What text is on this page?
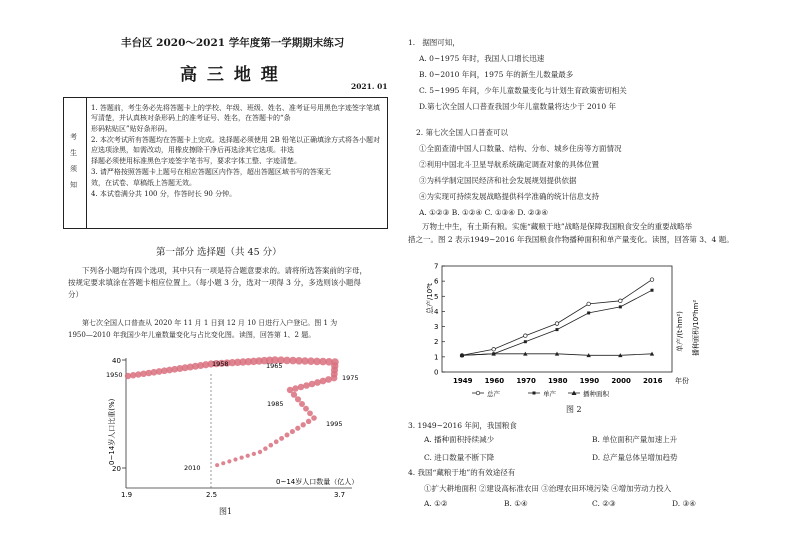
丰台区 2020～2021 学年度第一学期期末练习
高 三 地 理
2021. 01
考
生
须
知
1. 答题前，考生务必先将答题卡上的学校、年级、班级、姓名、准考证号用黑色字迹签字笔填写清楚，并认真核对条形码上的准考证号、姓名，在答题卡的“条
形码粘贴区”贴好条形码。
2. 本次考试所有答题均在答题卡上完成。选择题必须使用 2B 铅笔以正确填涂方式将各小题对应选项涂黑，如需改动，用橡皮擦除干净后再选涂其它选项。非选
择题必须使用标准黑色字迹签字笔书写，要求字体工整、字迹清楚。
3. 请严格按照答题卡上题号在相应答题区内作答，超出答题区域书写的答案无
效，在试卷、草稿纸上答题无效。
4. 本试卷满分共 100 分，作答时长 90 分钟。
第一部分 选择题（共 45 分）
下列各小题均有四个选项，其中只有一项是符合题意要求的。请将所选答案前的字母，
按规定要求填涂在答题卡相应位置上。（每小题 3 分，选对一项得 3 分，多选则该小题得
分）
第七次全国人口普查从 2020 年 11 月 1 日到 12 月 10 日进行入户登记。图 1 为
1950—2010 年我国少年儿童数量变化与占比变化图。读图，回答第 1、2 题。
40
20
0~14岁人口比重(%)
1.9	2.5	3.7
0~14岁人口数量（亿人）
1950
1958	1965
1975
1985
1995
2010
图1
1. 据图可知，
A. 0~1975 年时，我国人口增长迅速
B. 0~2010 年间，1975 年的新生儿数量最多
C. 5~1995 年间，少年儿童数量变化与计划生育政策密切相关
D.第七次全国人口普查我国少年儿童数量将达少于 2010 年
2. 第七次全国人口普查可以
①全面查清中国人口数量、结构、分布、城乡住房等方面情况
②利用中国北斗卫星导航系统确定调查对象的具体位置
③为科学制定国民经济和社会发展规划提供依据
④为实现可持续发展战略提供科学准确的统计信息支持
A. ①②③ B. ①②④ C. ①③④ D. ②③④
万物土中生，有土斯有粮。实施“藏粮于地”战略是保障我国粮食安全的重要战略举
措之一。图 2 表示1949~2016 年我国粮食作物播种面积和单产量变化。读图，回答第 3、4 题。
总产/10⁸t
单产/(t·hm²) 播种面积/10⁸hm²
0
1
2
3
4
5
6
7
1949 1960 1970 1980 1990 2000 2016 年份
总产	单产	播种面积
图 2
3. 1949~2016 年间，我国粮食
A. 播种面积持续减少	B. 单位面积产量加速上升
C. 进口数量不断下降	D. 总产量总体呈增加趋势
4. 我国“藏粮于地”的有效途径有
①扩大耕地面积 ②建设高标准农田 ③治理农田环境污染 ④增加劳动力投入
A. ①②	B. ①④	C. ②③	D. ③④
